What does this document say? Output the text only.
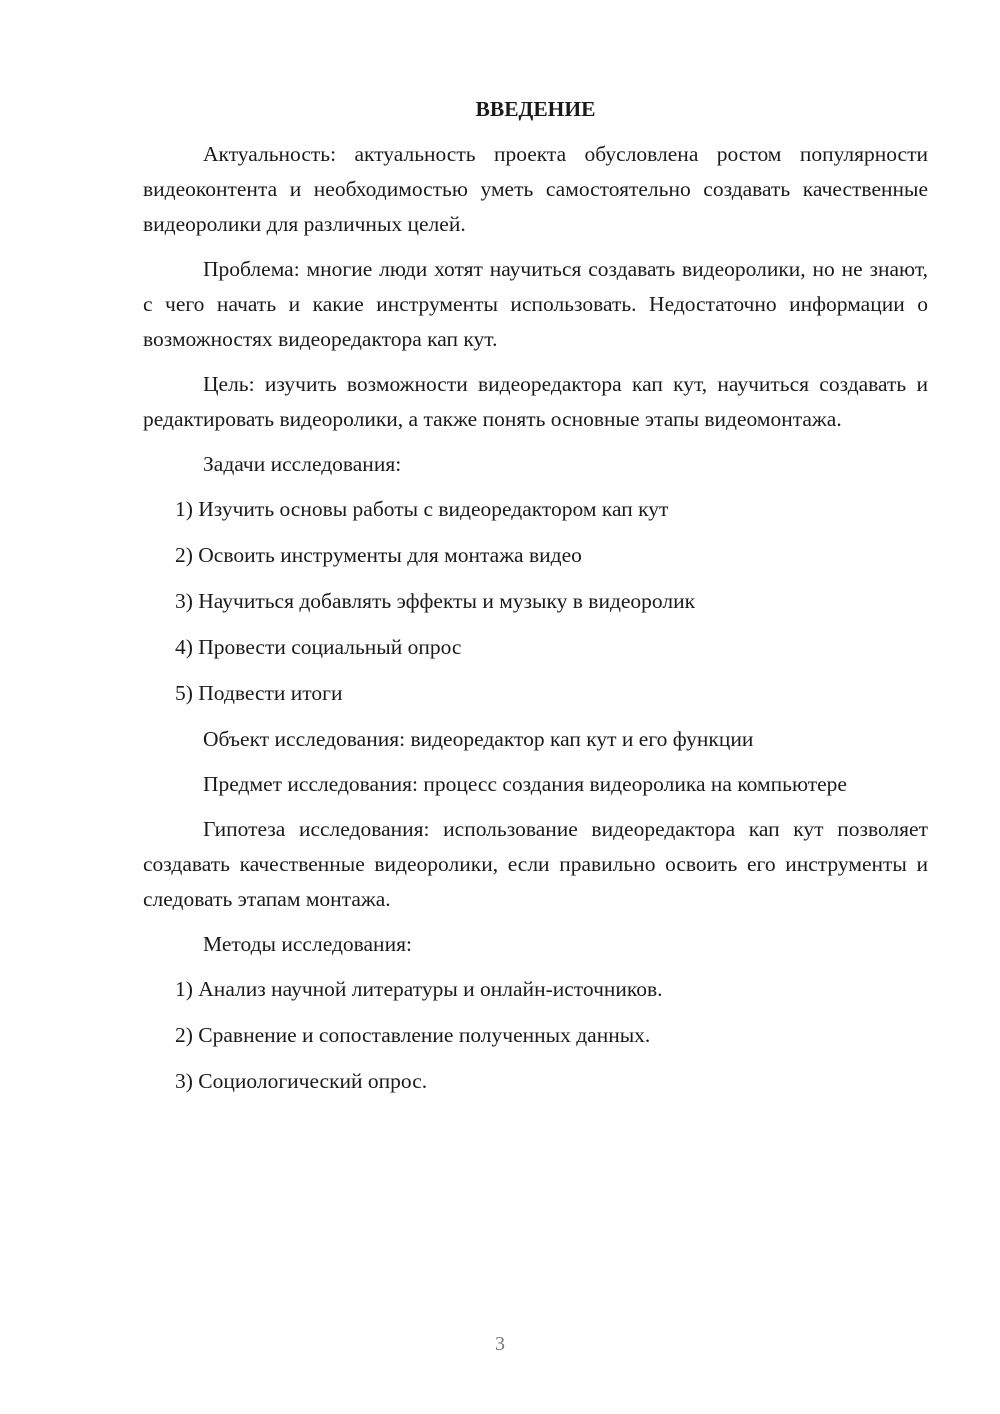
ВВЕДЕНИЕ

Актуальность: актуальность проекта обусловлена ростом популярности видеоконтента и необходимостью уметь самостоятельно создавать качественные видеоролики для различных целей.

Проблема: многие люди хотят научиться создавать видеоролики, но не знают, с чего начать и какие инструменты использовать. Недостаточно информации о возможностях видеоредактора кап кут.

Цель: изучить возможности видеоредактора кап кут, научиться создавать и редактировать видеоролики, а также понять основные этапы видеомонтажа.

Задачи исследования:

1) Изучить основы работы с видеоредактором кап кут
2) Освоить инструменты для монтажа видео
3) Научиться добавлять эффекты и музыку в видеоролик
4) Провести социальный опрос
5) Подвести итоги

Объект исследования: видеоредактор кап кут и его функции

Предмет исследования: процесс создания видеоролика на компьютере

Гипотеза исследования: использование видеоредактора кап кут позволяет создавать качественные видеоролики, если правильно освоить его инструменты и следовать этапам монтажа.

Методы исследования:

1) Анализ научной литературы и онлайн-источников.
2) Сравнение и сопоставление полученных данных.
3) Социологический опрос.
3
